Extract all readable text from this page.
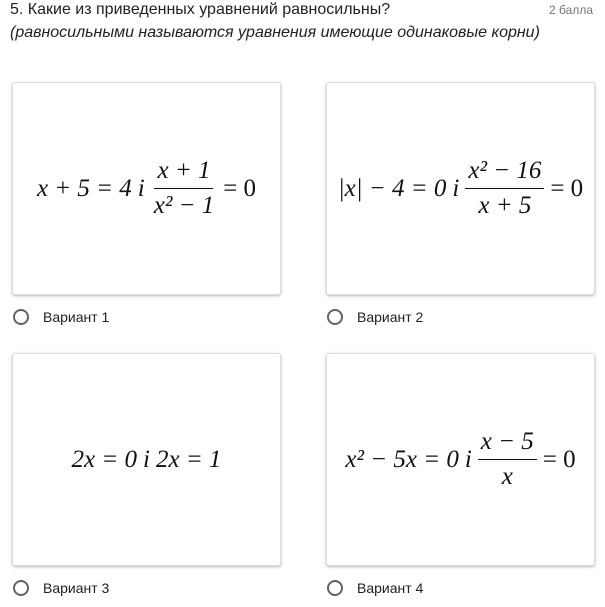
5. Какие из приведенных уравнений равносильны?
(равносильными называются уравнения имеющие одинаковые корни)
2 балла
x + 5 = 4 i $\frac{x + 1}{\text{x² − 1}} = 0$
Вариант 1
|x| − 4 = 0 i $\frac{\text{x² − 16}}{x + 5} = 0$
Вариант 2
2x = 0 i 2x = 1
Вариант 3
x² − 5x = 0 i $\frac{x - 5}{x} = 0$
Вариант 4
